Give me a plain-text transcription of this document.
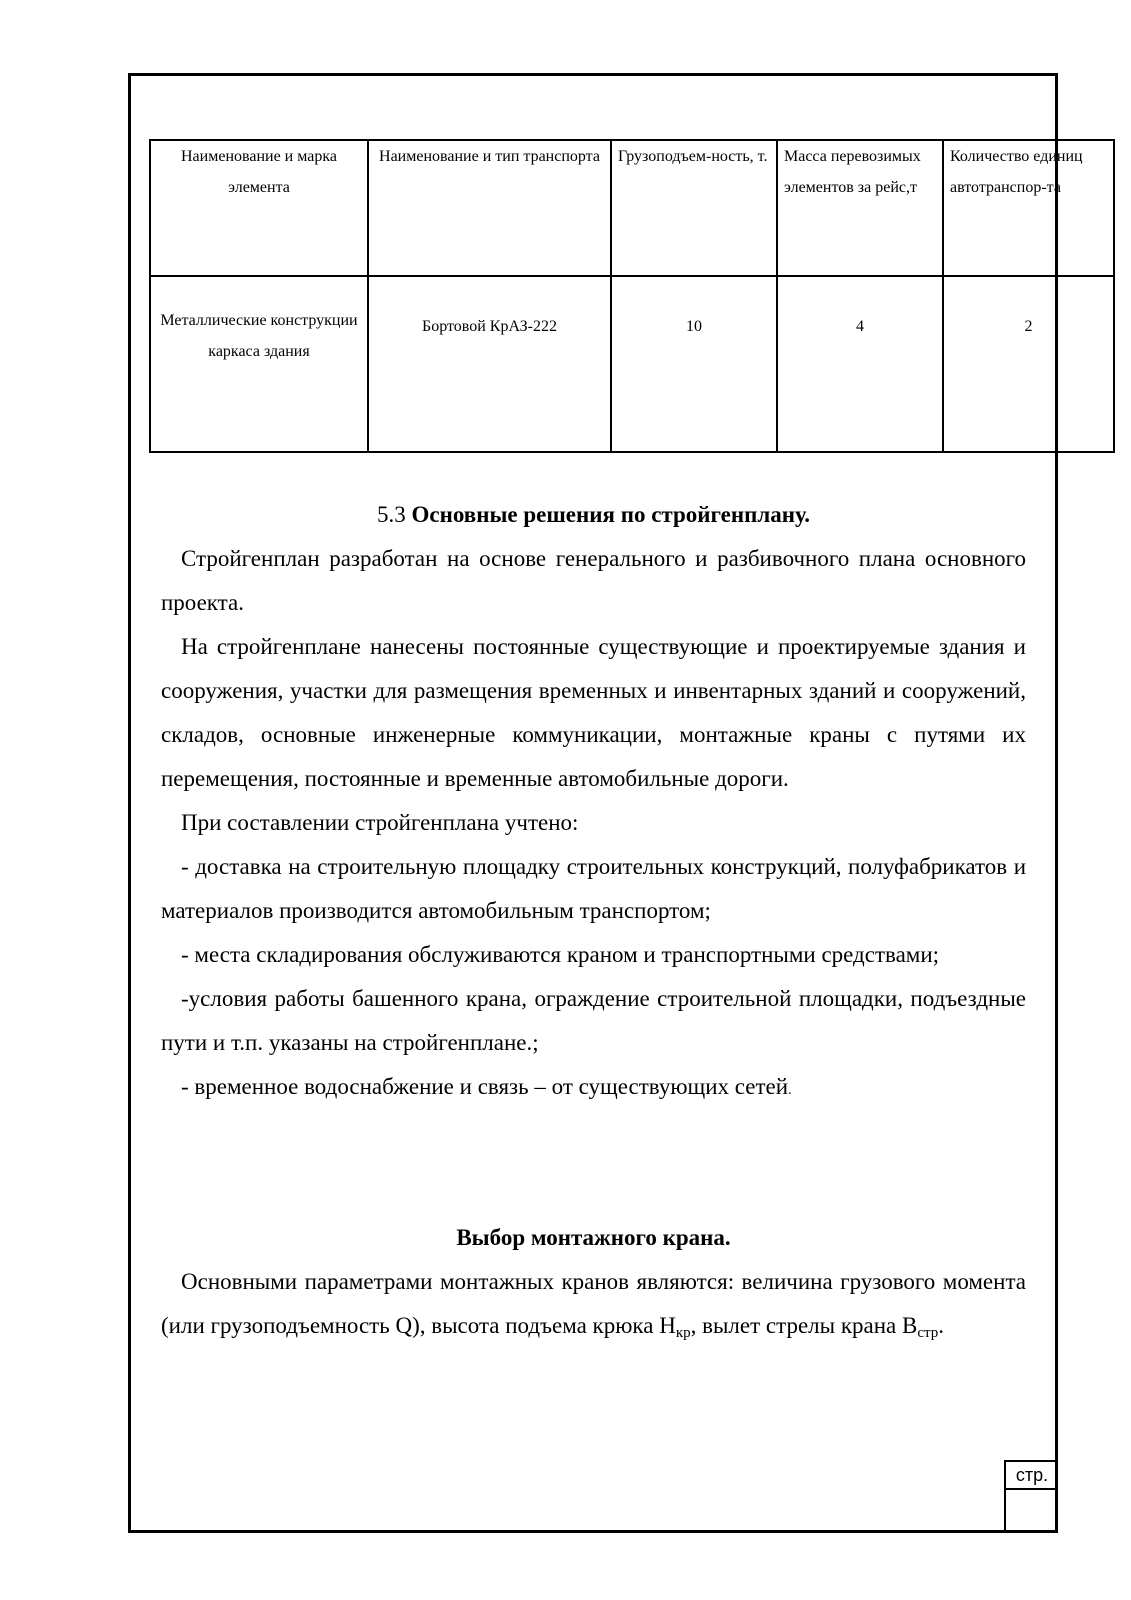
Наименование и марка элемента	Наименование и тип транспорта	Грузоподъем-ность, т.	Масса перевозимых элементов за рейс,т	Количество единиц автотранспор-та
Металлические конструкции каркаса здания	Бортовой КрАЗ-222	10	4	2

5.3 Основные решения по стройгенплану.

Стройгенплан разработан на основе генерального и разбивочного плана основного проекта.

На стройгенплане нанесены постоянные существующие и проектируемые здания и сооружения, участки для размещения временных и инвентарных зданий и сооружений, складов, основные инженерные коммуникации, монтажные краны с путями их перемещения, постоянные и временные автомобильные дороги.

При составлении стройгенплана учтено:

- доставка на строительную площадку строительных конструкций, полуфабрикатов и материалов производится автомобильным транспортом;

- места складирования обслуживаются краном и транспортными средствами;

-условия работы башенного крана, ограждение строительной площадки, подъездные пути и т.п. указаны на стройгенплане.;

- временное водоснабжение и связь – от существующих сетей.

Выбор монтажного крана.

Основными параметрами монтажных кранов являются: величина грузового момента (или грузоподъемность Q), высота подъема крюка $Н_{кр}$, вылет стрелы крана $В_{стр}$.

стр.
